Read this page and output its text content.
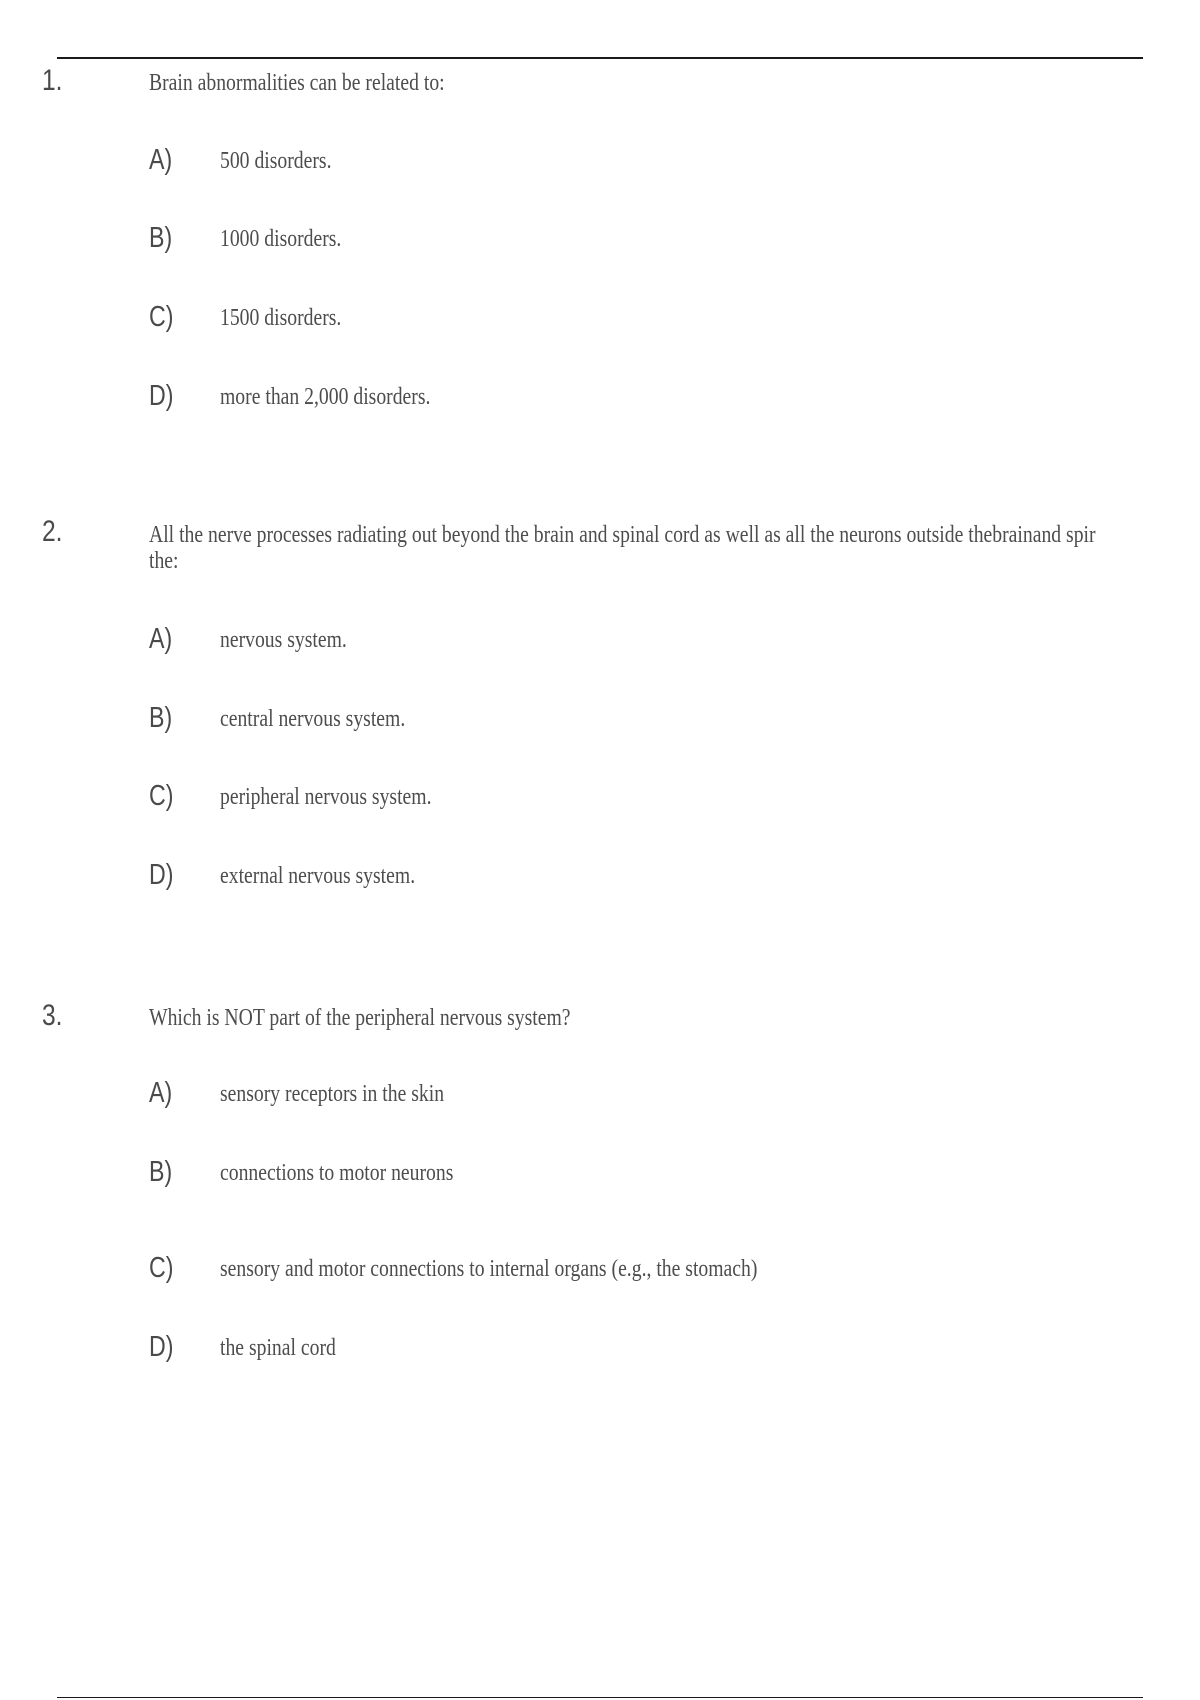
1.	Brain abnormalities can be related to:
A) 500 disorders.
B) 1000 disorders.
C) 1500 disorders.
D) more than 2,000 disorders.
2.	All the nerve processes radiating out beyond the brain and spinal cord as well as all the neurons outside thebrainand spir
the:
A) nervous system.
B) central nervous system.
C) peripheral nervous system.
D) external nervous system.
3.	Which is NOT part of the peripheral nervous system?
A) sensory receptors in the skin
B) connections to motor neurons
C) sensory and motor connections to internal organs (e.g., the stomach)
D) the spinal cord
